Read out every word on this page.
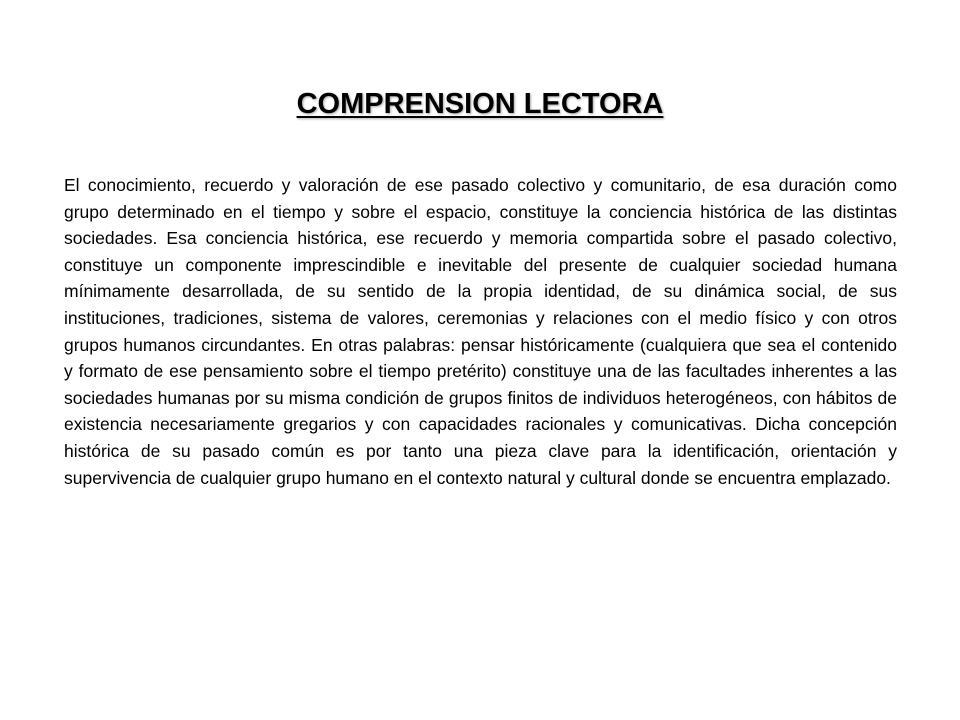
COMPRENSION LECTORA

El conocimiento, recuerdo y valoración de ese pasado colectivo y comunitario, de esa duración como grupo determinado en el tiempo y sobre el espacio, constituye la conciencia histórica de las distintas sociedades. Esa conciencia histórica, ese recuerdo y memoria compartida sobre el pasado colectivo, constituye un componente imprescindible e inevitable del presente de cualquier sociedad humana mínimamente desarrollada, de su sentido de la propia identidad, de su dinámica social, de sus instituciones, tradiciones, sistema de valores, ceremonias y relaciones con el medio físico y con otros grupos humanos circundantes. En otras palabras: pensar históricamente (cualquiera que sea el contenido y formato de ese pensamiento sobre el tiempo pretérito) constituye una de las facultades inherentes a las sociedades humanas por su misma condición de grupos finitos de individuos heterogéneos, con hábitos de existencia necesariamente gregarios y con capacidades racionales y comunicativas. Dicha concepción histórica de su pasado común es por tanto una pieza clave para la identificación, orientación y supervivencia de cualquier grupo humano en el contexto natural y cultural donde se encuentra emplazado.
